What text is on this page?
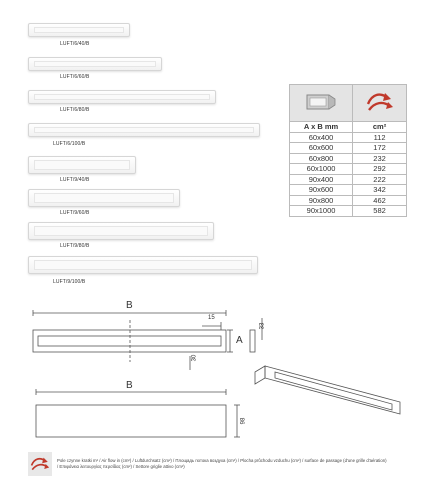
LUFT/6/40/B
LUFT/6/60/B
LUFT/6/80/B
LUFT/6/100/B
LUFT/9/40/B
LUFT/9/60/B
LUFT/9/80/B
LUFT/9/100/B

A x B mm	cm²
60x400	112
60x600	172
60x800	232
60x1000	292
90x400	222
90x600	342
90x800	462
90x1000	582
B
15
33
A
30
B
98
Pole czynne kratki m² / Air flow in (cm²) / Luftdurchsatz (cm²) / Площадь потока воздуха (cm²) / Plocha průchodu vzduchu (cm²) / surface de passage (d'une grille d'aération) / Επιφάνεια λειτουργίας περσίδας (cm²) / Settore griglie attivo (cm²)
